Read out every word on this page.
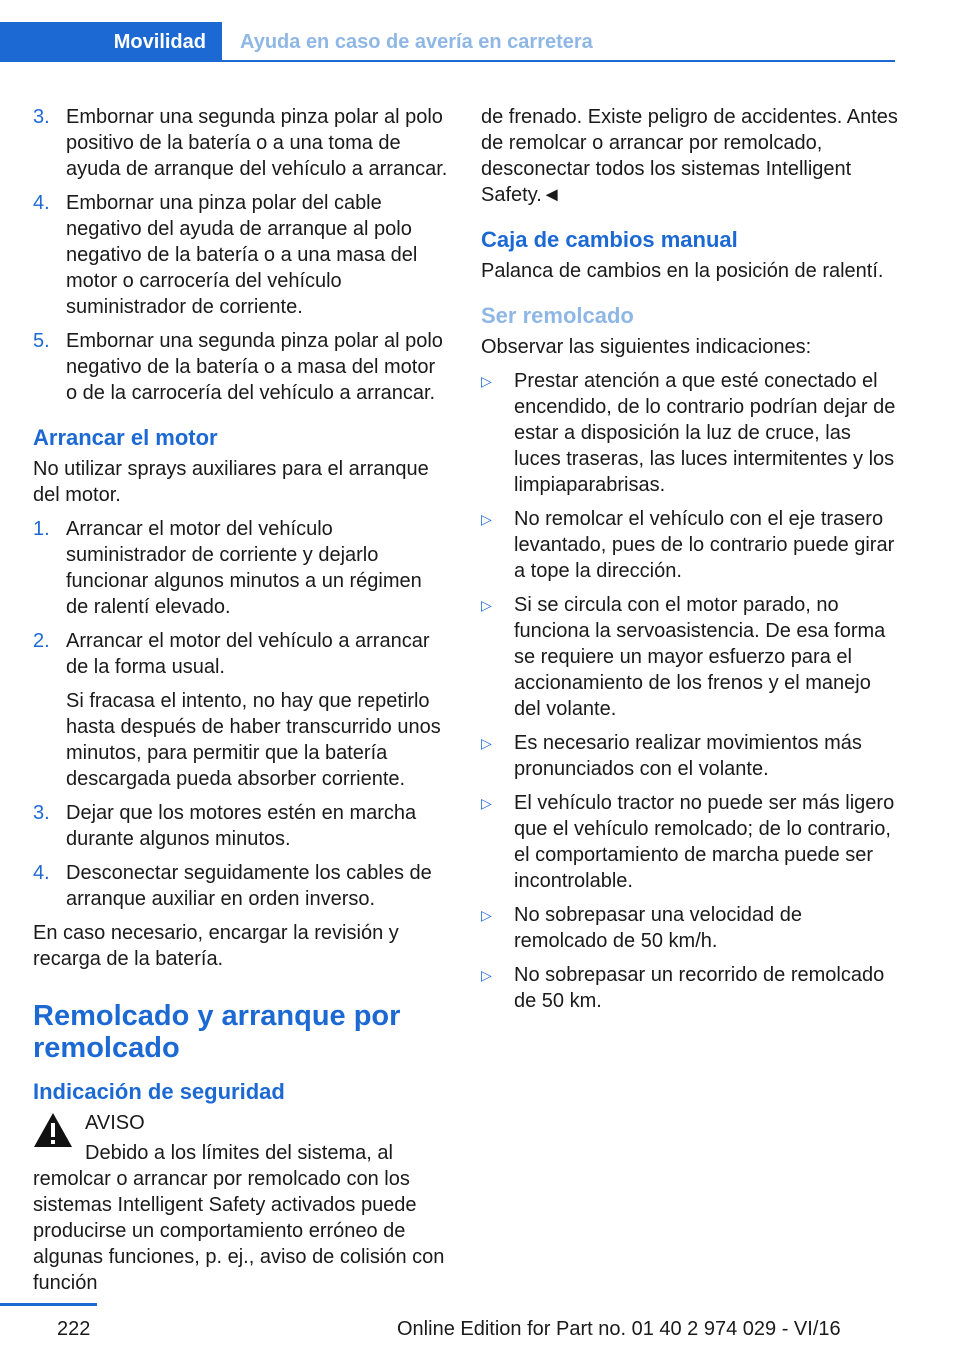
Movilidad Ayuda en caso de avería en carretera
3. Embornar una segunda pinza polar al polo positivo de la batería o a una toma de ayuda de arranque del vehículo a arrancar.

4. Embornar una pinza polar del cable negativo del ayuda de arranque al polo negativo de la batería o a una masa del motor o carrocería del vehículo suministrador de corriente.

5. Embornar una segunda pinza polar al polo negativo de la batería o a masa del motor o de la carrocería del vehículo a arrancar.

Arrancar el motor

No utilizar sprays auxiliares para el arranque del motor.

1. Arrancar el motor del vehículo suministrador de corriente y dejarlo funcionar algunos minutos a un régimen de ralentí elevado.

2. Arrancar el motor del vehículo a arrancar de la forma usual.

Si fracasa el intento, no hay que repetirlo hasta después de haber transcurrido unos minutos, para permitir que la batería descargada pueda absorber corriente.

3. Dejar que los motores estén en marcha durante algunos minutos.

4. Desconectar seguidamente los cables de arranque auxiliar en orden inverso.

En caso necesario, encargar la revisión y recarga de la batería.

Remolcado y arranque por remolcado
Indicación de seguridad
AVISO

Debido a los límites del sistema, al remolcar o arrancar por remolcado con los sistemas Intelligent Safety activados puede producirse un comportamiento erróneo de algunas funciones, p. ej., aviso de colisión con función

de frenado. Existe peligro de accidentes. Antes de remolcar o arrancar por remolcado, desconectar todos los sistemas Intelligent Safety.◄

Caja de cambios manual

Palanca de cambios en la posición de ralentí.

Ser remolcado

Observar las siguientes indicaciones:

▷ Prestar atención a que esté conectado el encendido, de lo contrario podrían dejar de estar a disposición la luz de cruce, las luces traseras, las luces intermitentes y los limpiaparabrisas.

▷ No remolcar el vehículo con el eje trasero levantado, pues de lo contrario puede girar a tope la dirección.

▷ Si se circula con el motor parado, no funciona la servoasistencia. De esa forma se requiere un mayor esfuerzo para el accionamiento de los frenos y el manejo del volante.

▷ Es necesario realizar movimientos más pronunciados con el volante.

▷ El vehículo tractor no puede ser más ligero que el vehículo remolcado; de lo contrario, el comportamiento de marcha puede ser incontrolable.

▷ No sobrepasar una velocidad de remolcado de 50 km/h.

▷ No sobrepasar un recorrido de remolcado de 50 km.

222	Online Edition for Part no. 01 40 2 974 029 - VI/16
